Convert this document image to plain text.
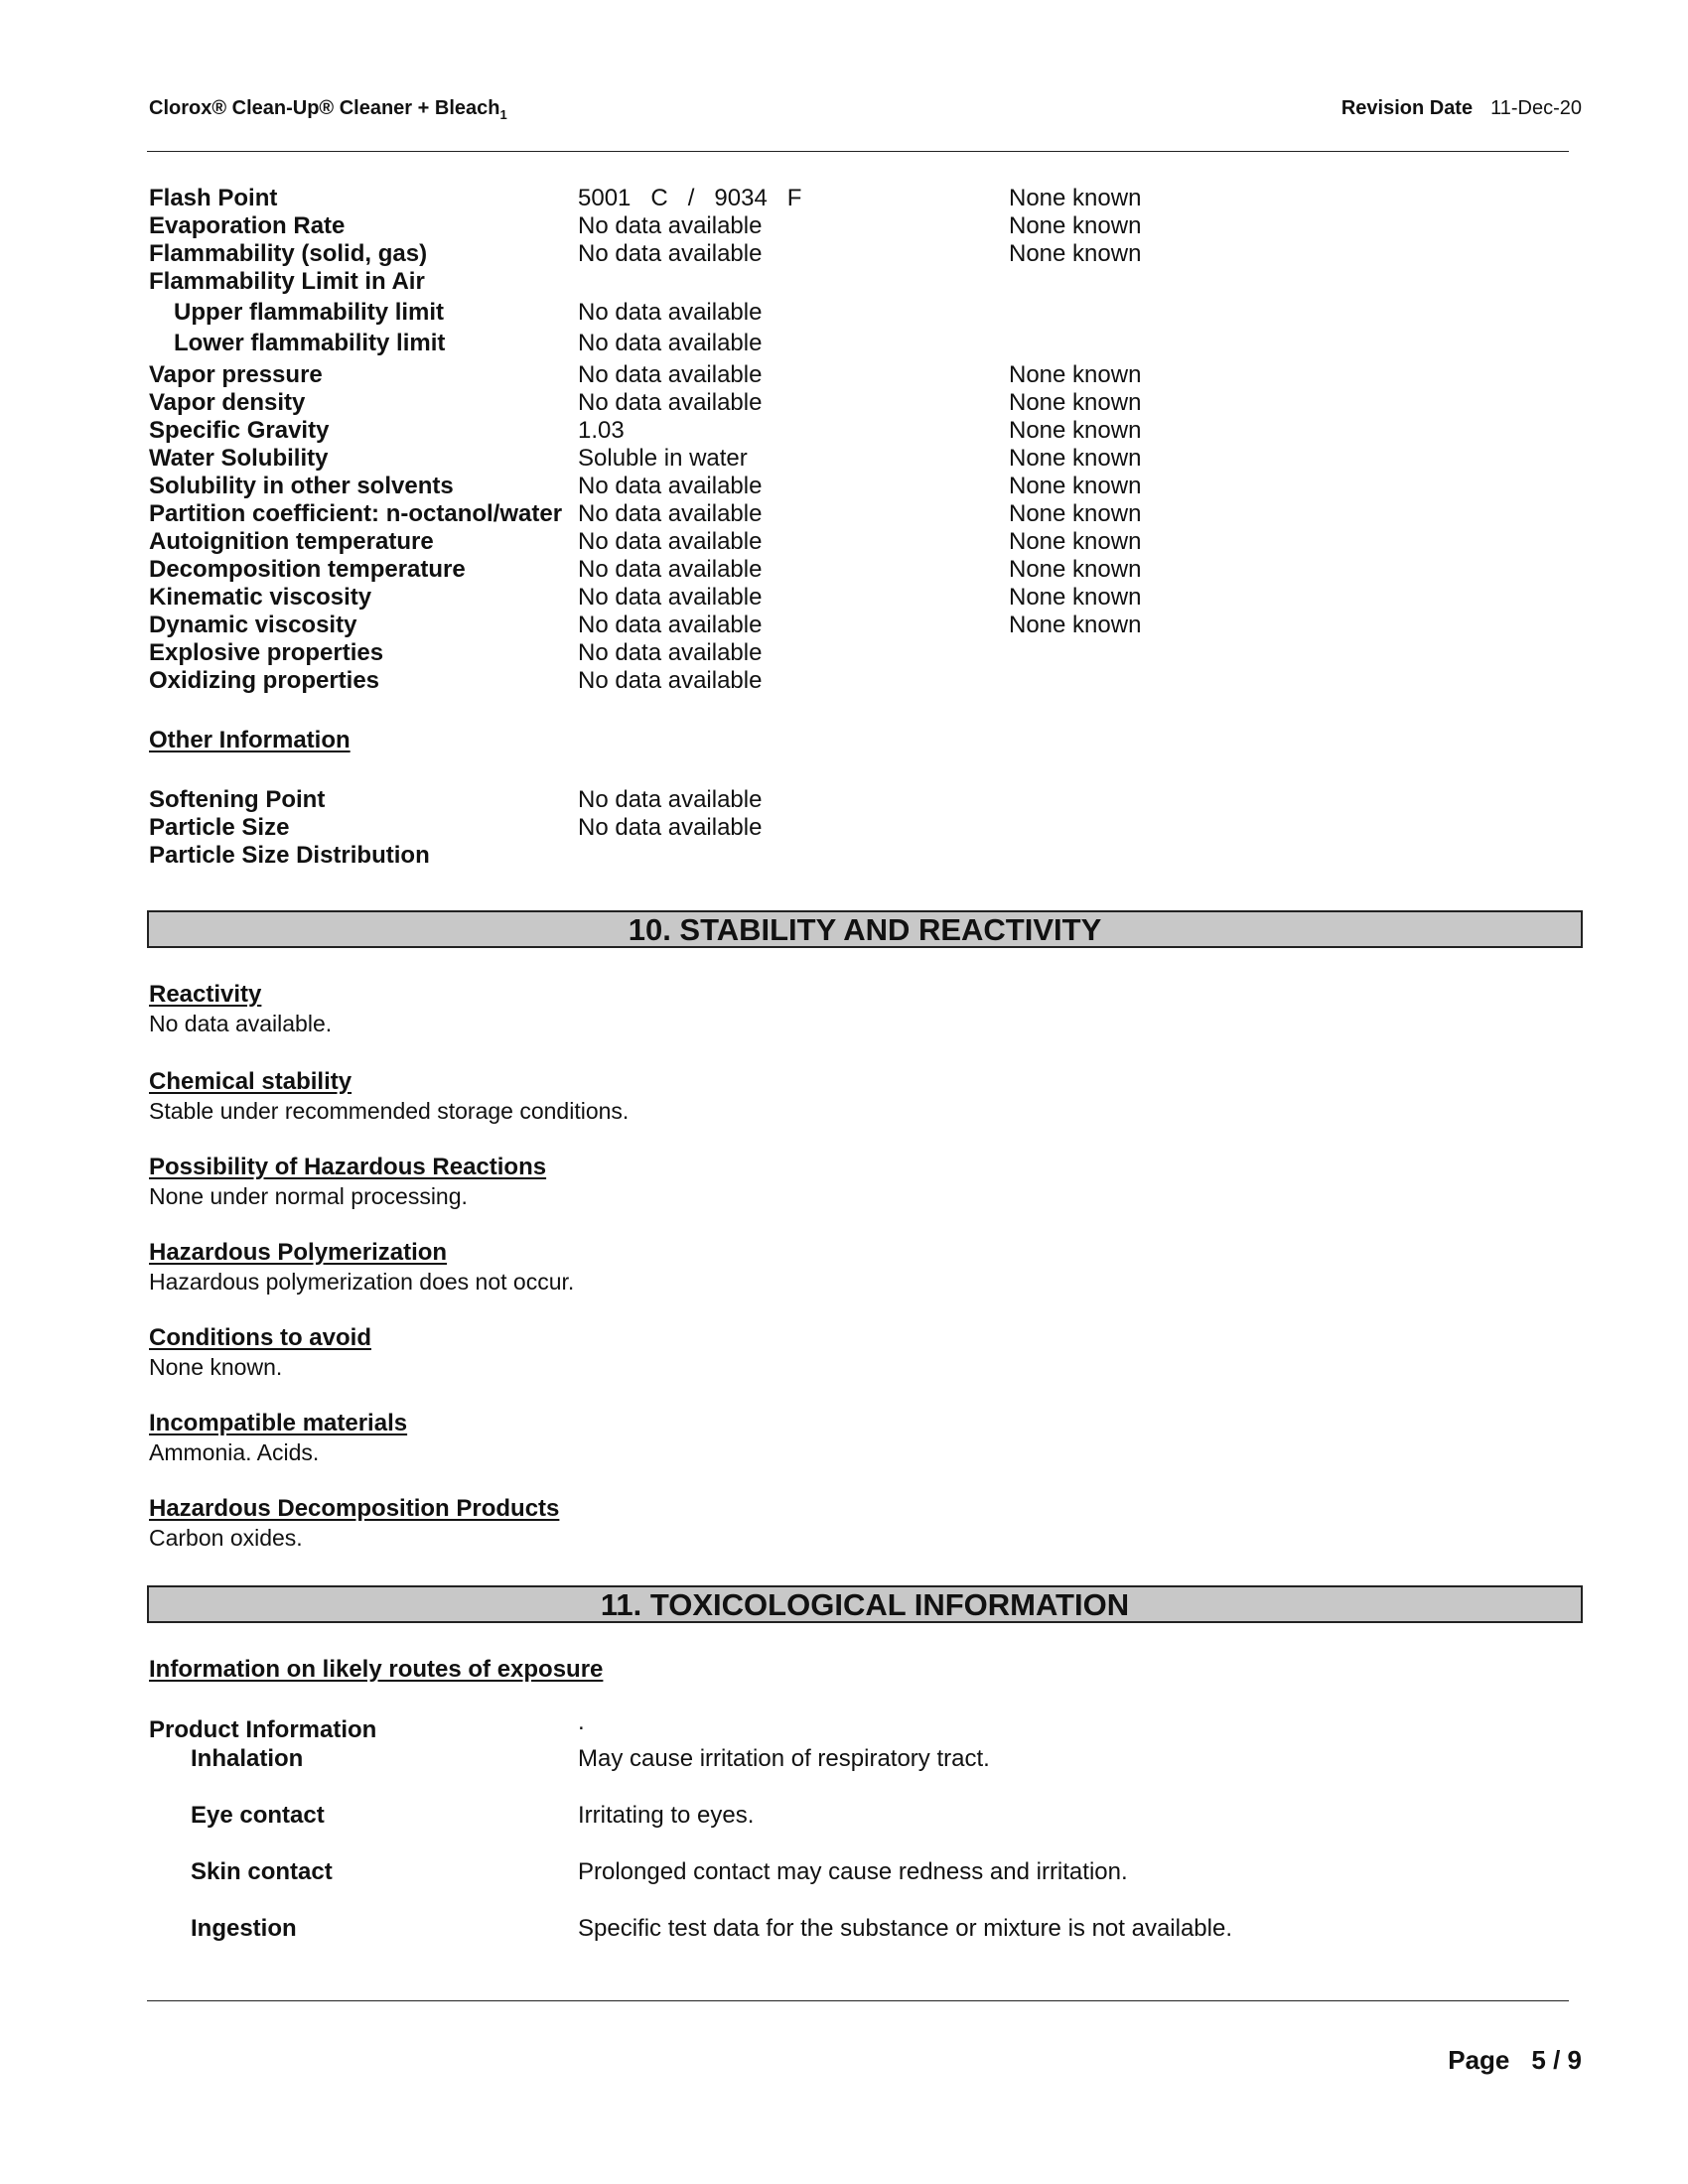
Clorox® Clean-Up® Cleaner + Bleach$_1$	Revision Date 11-Dec-20
Flash Point	5001   C   /   9034   F	None known
Evaporation Rate	No data available	None known
Flammability (solid, gas)	No data available	None known
Flammability Limit in Air
Upper flammability limit	No data available
Lower flammability limit	No data available
Vapor pressure	No data available	None known
Vapor density	No data available	None known
Specific Gravity	1.03	None known
Water Solubility	Soluble in water	None known
Solubility in other solvents	No data available	None known
Partition coefficient: n-octanol/water No data available	None known
Autoignition temperature	No data available	None known
Decomposition temperature	No data available	None known
Kinematic viscosity	No data available	None known
Dynamic viscosity	No data available	None known
Explosive properties	No data available
Oxidizing properties	No data available
Other Information
Softening Point	No data available
Particle Size	No data available
Particle Size Distribution
10. STABILITY AND REACTIVITY
Reactivity
No data available.
Chemical stability
Stable under recommended storage conditions.
Possibility of Hazardous Reactions
None under normal processing.
Hazardous Polymerization
Hazardous polymerization does not occur.
Conditions to avoid
None known.
Incompatible materials
Ammonia. Acids.
Hazardous Decomposition Products
Carbon oxides.
11. TOXICOLOGICAL INFORMATION
Information on likely routes of exposure
Product Information	.
Inhalation	May cause irritation of respiratory tract.
Eye contact	Irritating to eyes.
Skin contact	Prolonged contact may cause redness and irritation.
Ingestion	Specific test data for the substance or mixture is not available.
Page 5 / 9
